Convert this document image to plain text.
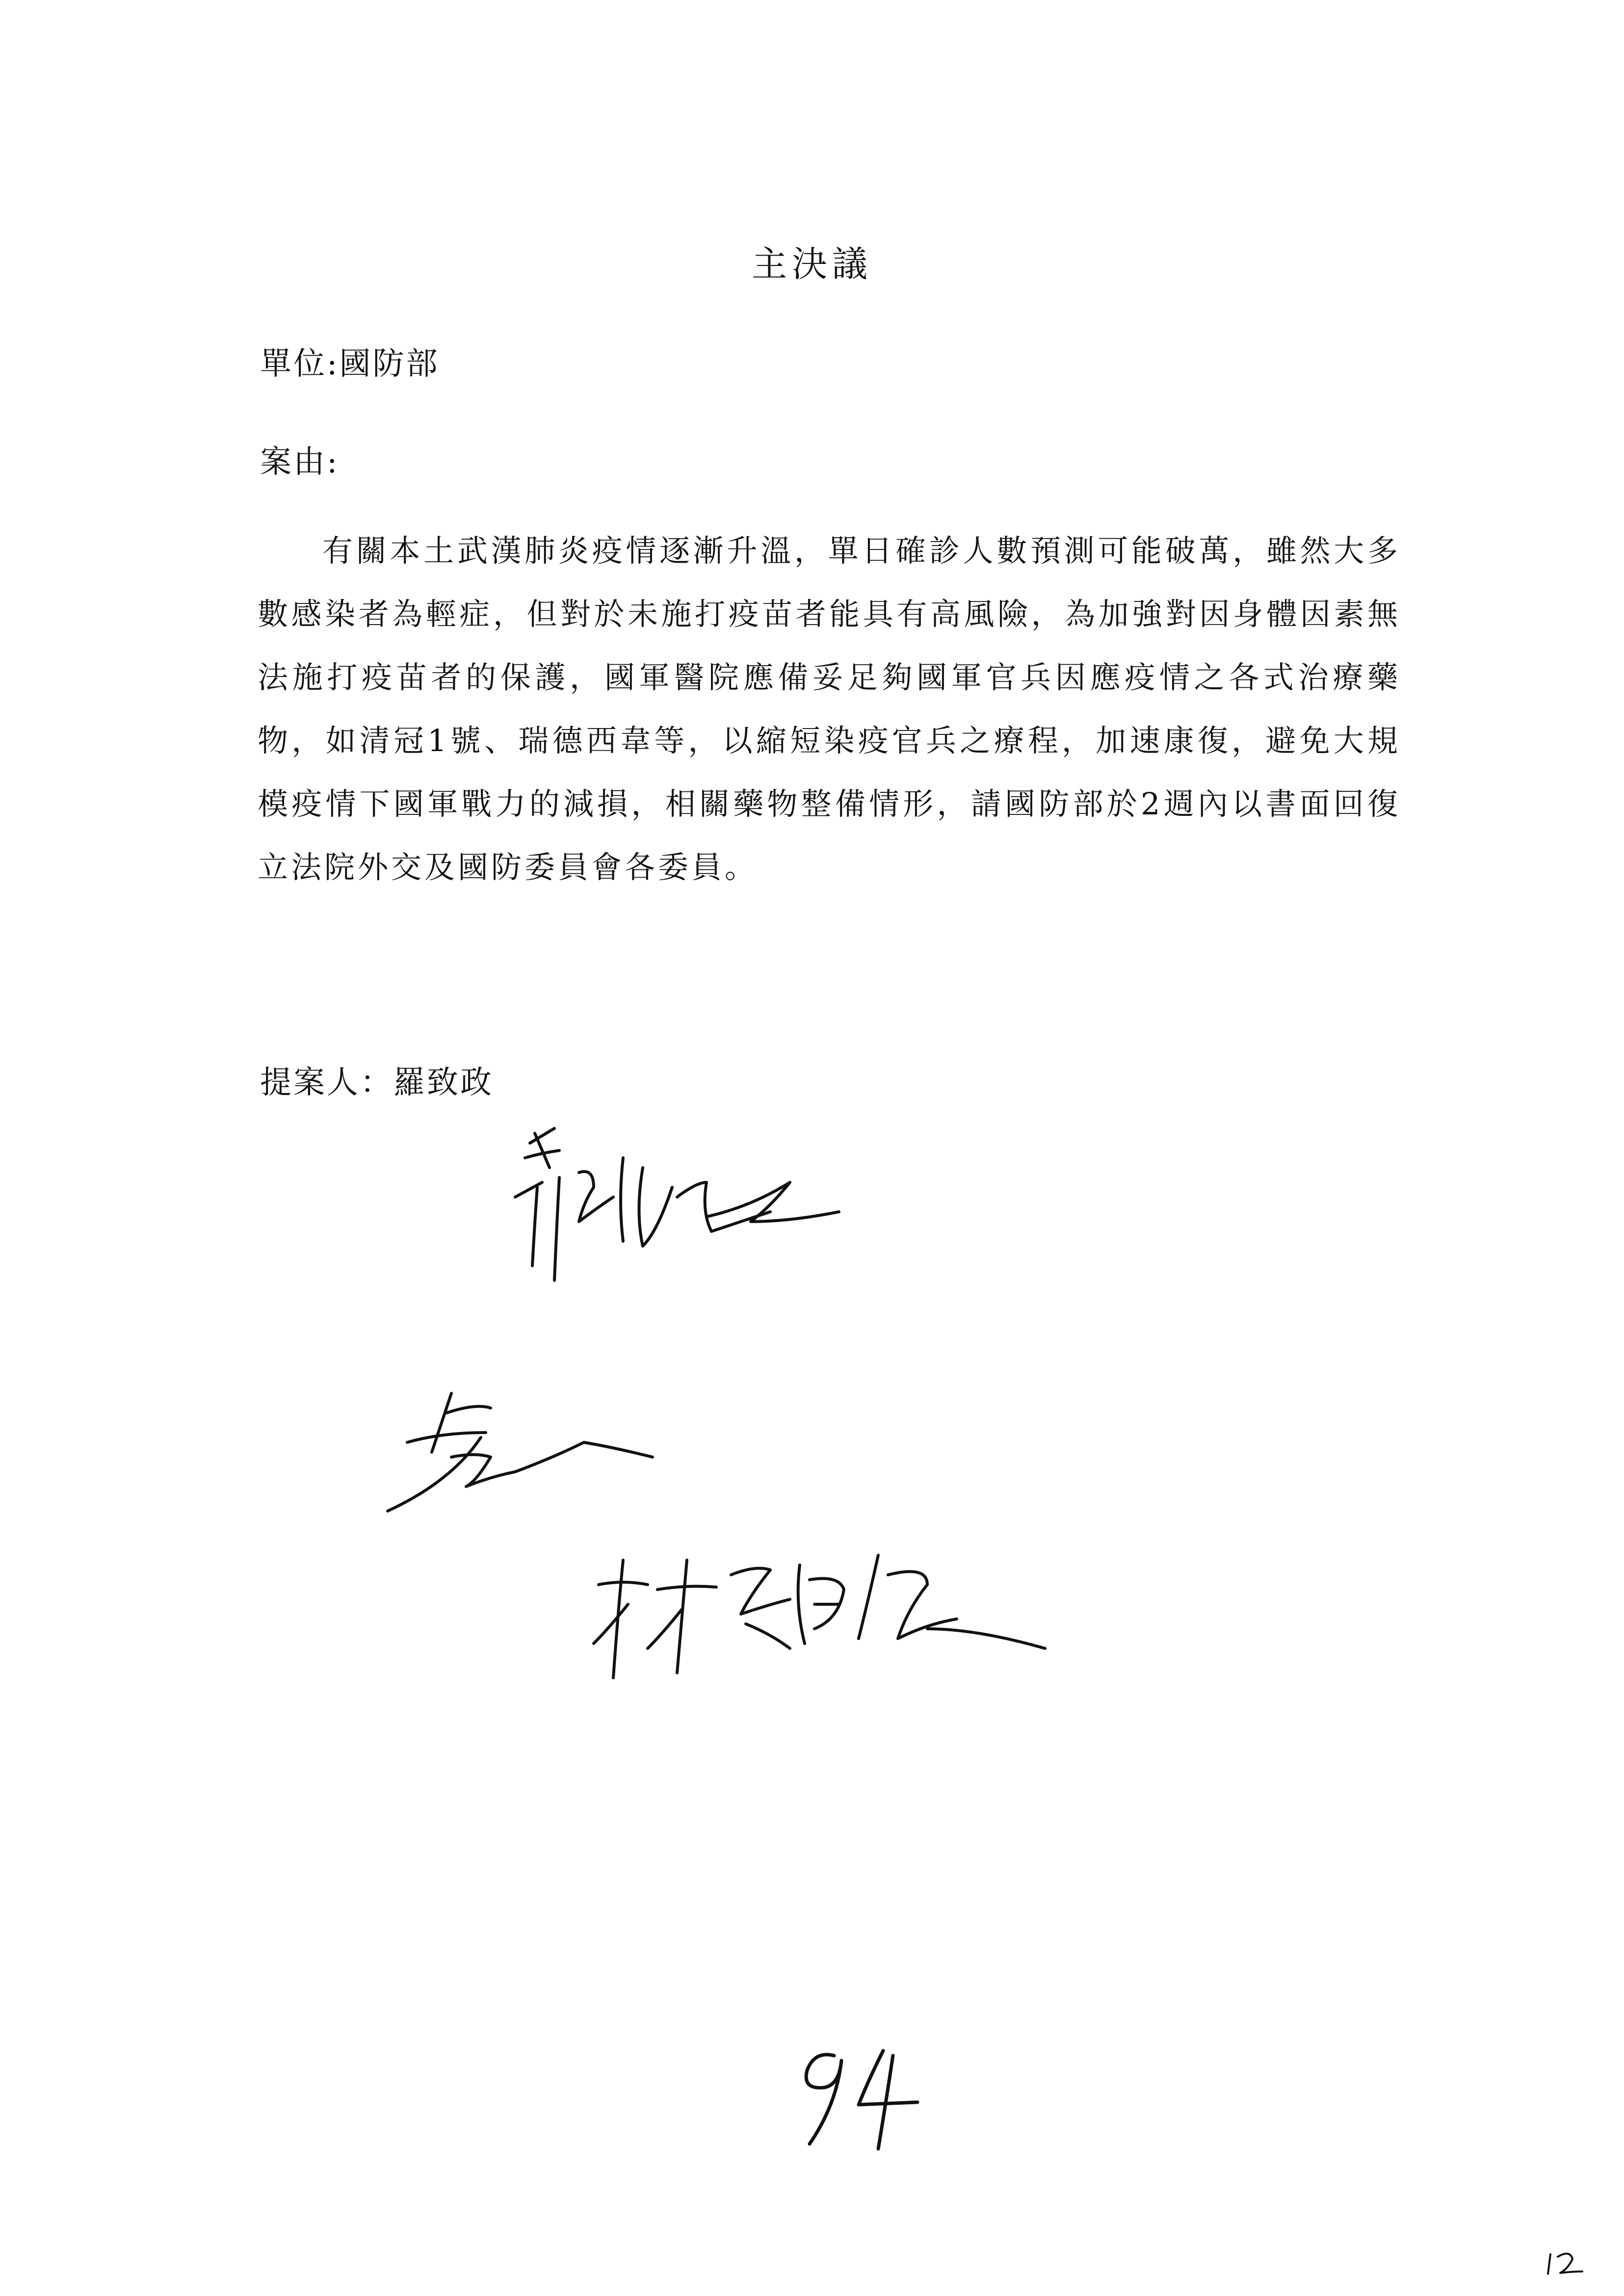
主決議
單位:國防部
案由:
有關本土武漢肺炎疫情逐漸升溫，單日確診人數預測可能破萬，雖然大多數感染者為輕症，但對於未施打疫苗者能具有高風險，為加強對因身體因素無法施打疫苗者的保護，國軍醫院應備妥足夠國軍官兵因應疫情之各式治療藥物，如清冠1號、瑞德西韋等，以縮短染疫官兵之療程，加速康復，避免大規模疫情下國軍戰力的減損，相關藥物整備情形，請國防部於2週內以書面回復立法院外交及國防委員會各委員。
提案人：羅致政
